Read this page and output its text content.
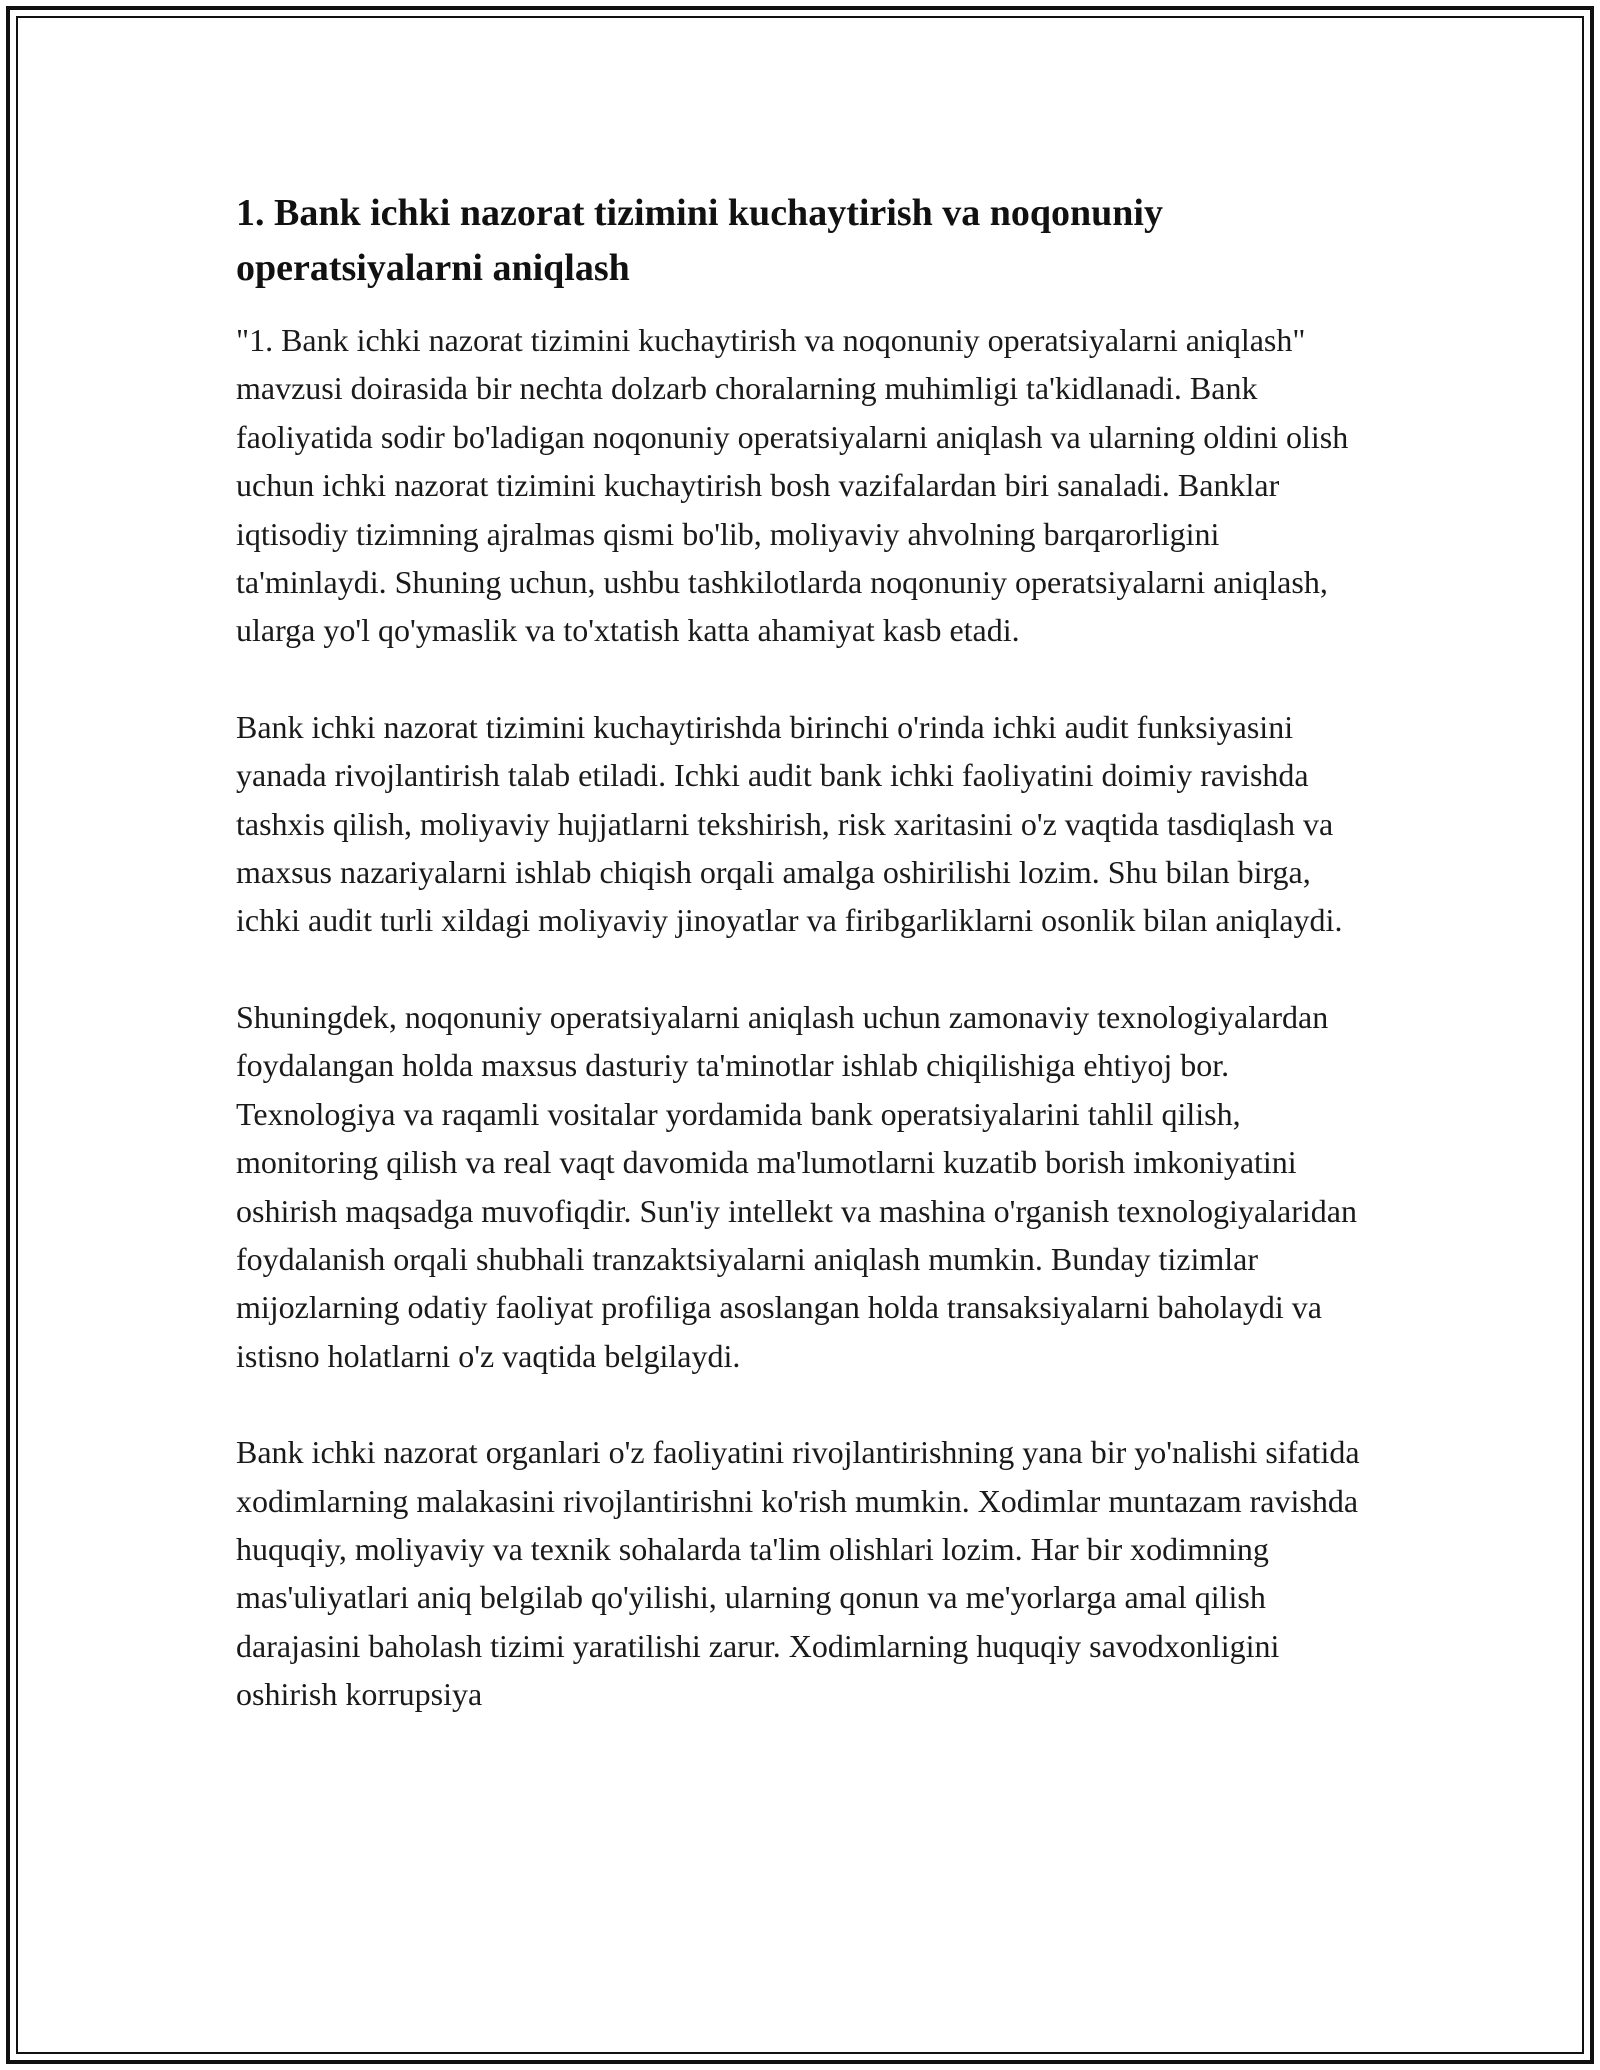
1. Bank ichki nazorat tizimini kuchaytirish va noqonuniy operatsiyalarni aniqlash

"1. Bank ichki nazorat tizimini kuchaytirish va noqonuniy operatsiyalarni aniqlash" mavzusi doirasida bir nechta dolzarb choralarning muhimligi ta'kidlanadi. Bank faoliyatida sodir bo'ladigan noqonuniy operatsiyalarni aniqlash va ularning oldini olish uchun ichki nazorat tizimini kuchaytirish bosh vazifalardan biri sanaladi. Banklar iqtisodiy tizimning ajralmas qismi bo'lib, moliyaviy ahvolning barqarorligini ta'minlaydi. Shuning uchun, ushbu tashkilotlarda noqonuniy operatsiyalarni aniqlash, ularga yo'l qo'ymaslik va to'xtatish katta ahamiyat kasb etadi.

Bank ichki nazorat tizimini kuchaytirishda birinchi o'rinda ichki audit funksiyasini yanada rivojlantirish talab etiladi. Ichki audit bank ichki faoliyatini doimiy ravishda tashxis qilish, moliyaviy hujjatlarni tekshirish, risk xaritasini o'z vaqtida tasdiqlash va maxsus nazariyalarni ishlab chiqish orqali amalga oshirilishi lozim. Shu bilan birga, ichki audit turli xildagi moliyaviy jinoyatlar va firibgarliklarni osonlik bilan aniqlaydi.

Shuningdek, noqonuniy operatsiyalarni aniqlash uchun zamonaviy texnologiyalardan foydalangan holda maxsus dasturiy ta'minotlar ishlab chiqilishiga ehtiyoj bor. Texnologiya va raqamli vositalar yordamida bank operatsiyalarini tahlil qilish, monitoring qilish va real vaqt davomida ma'lumotlarni kuzatib borish imkoniyatini oshirish maqsadga muvofiqdir. Sun'iy intellekt va mashina o'rganish texnologiyalaridan foydalanish orqali shubhali tranzaktsiyalarni aniqlash mumkin. Bunday tizimlar mijozlarning odatiy faoliyat profiliga asoslangan holda transaksiyalarni baholaydi va istisno holatlarni o'z vaqtida belgilaydi.

Bank ichki nazorat organlari o'z faoliyatini rivojlantirishning yana bir yo'nalishi sifatida xodimlarning malakasini rivojlantirishni ko'rish mumkin. Xodimlar muntazam ravishda huquqiy, moliyaviy va texnik sohalarda ta'lim olishlari lozim. Har bir xodimning mas'uliyatlari aniq belgilab qo'yilishi, ularning qonun va me'yorlarga amal qilish darajasini baholash tizimi yaratilishi zarur. Xodimlarning huquqiy savodxonligini oshirish korrupsiya
